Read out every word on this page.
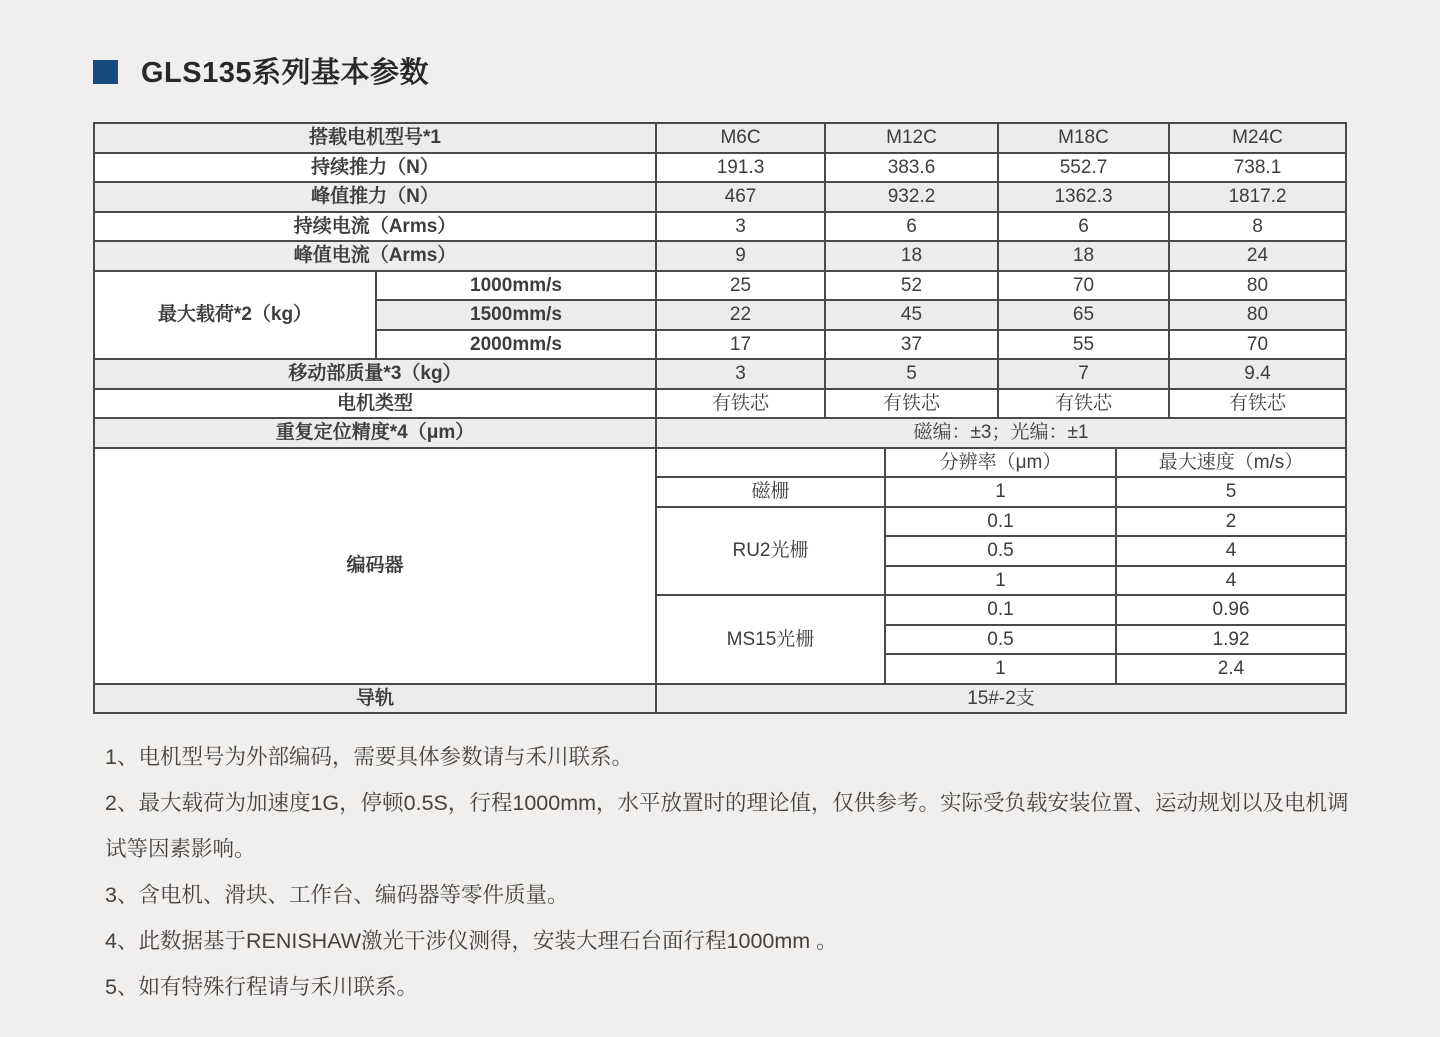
GLS135系列基本参数
搭载电机型号*1		M6C	M12C		M18C		M24C
持续推力（N）		191.3	383.6		552.7		738.1
峰值推力（N）		467	932.2		1362.3		1817.2
持续电流（Arms）		3	6		6		8
峰值电流（Arms）		9	18		18		24
最大载荷*2（kg）	1000mm/s	25	52		70		80
	1500mm/s	22	45		65		80
	2000mm/s	17	37		55		70
移动部质量*3（kg）		3	5		7		9.4
电机类型		有铁芯	有铁芯		有铁芯		有铁芯
重复定位精度*4（μm）		磁编：±3；光编：±1					
编码器				分辨率（μm）		最大速度（m/s）	
		磁栅		1		5	
		RU2光栅		0.1		2	
				0.5		4	
				1		4	
		MS15光栅		0.1		0.96	
				0.5		1.92	
				1		2.4	
导轨		15#-2支					

1、电机型号为外部编码，需要具体参数请与禾川联系。

2、最大载荷为加速度1G，停顿0.5S，行程1000mm，水平放置时的理论值，仅供参考。实际受负载安装位置、运动规划以及电机调试等因素影响。

3、含电机、滑块、工作台、编码器等零件质量。

4、此数据基于RENISHAW激光干涉仪测得，安装大理石台面行程1000mm 。

5、如有特殊行程请与禾川联系。
